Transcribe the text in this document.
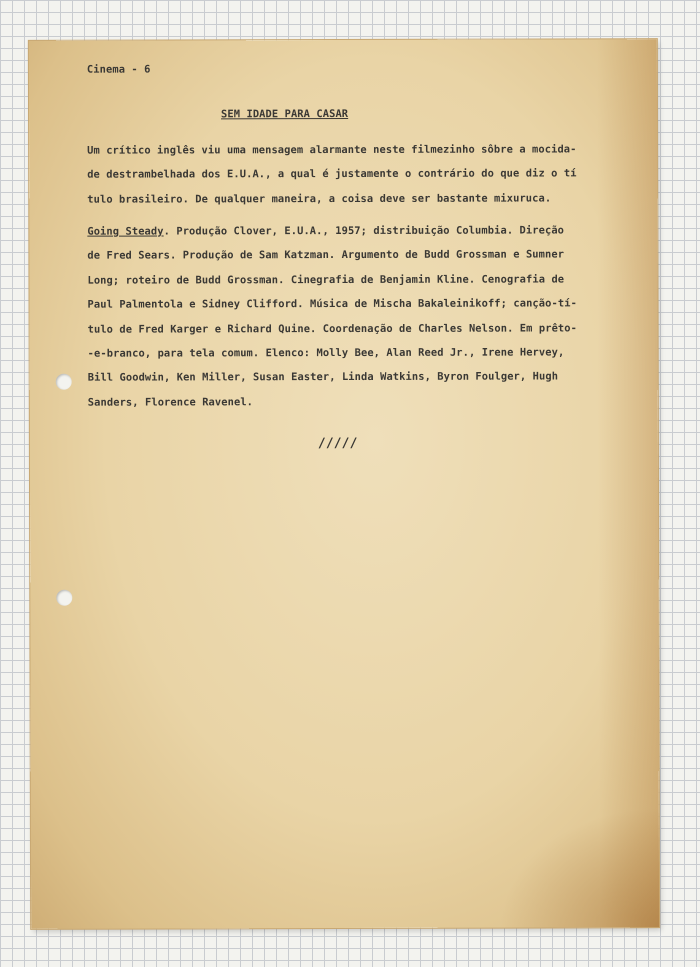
Cinema - 6
SEM IDADE PARA CASAR

Um crítico inglês viu uma mensagem alarmante neste filmezinho sôbre a mocida-
de destrambelhada dos E.U.A., a qual é justamente o contrário do que diz o tí
tulo brasileiro. De qualquer maneira, a coisa deve ser bastante mixuruca.

Going Steady. Produção Clover, E.U.A., 1957; distribuição Columbia. Direção
de Fred Sears. Produção de Sam Katzman. Argumento de Budd Grossman e Sumner
Long; roteiro de Budd Grossman. Cinegrafia de Benjamin Kline. Cenografia de
Paul Palmentola e Sidney Clifford. Música de Mischa Bakaleinikoff; canção-tí-
tulo de Fred Karger e Richard Quine. Coordenação de Charles Nelson. Em prêto-
-e-branco, para tela comum. Elenco: Molly Bee, Alan Reed Jr., Irene Hervey,
Bill Goodwin, Ken Miller, Susan Easter, Linda Watkins, Byron Foulger, Hugh
Sanders, Florence Ravenel.

/////
